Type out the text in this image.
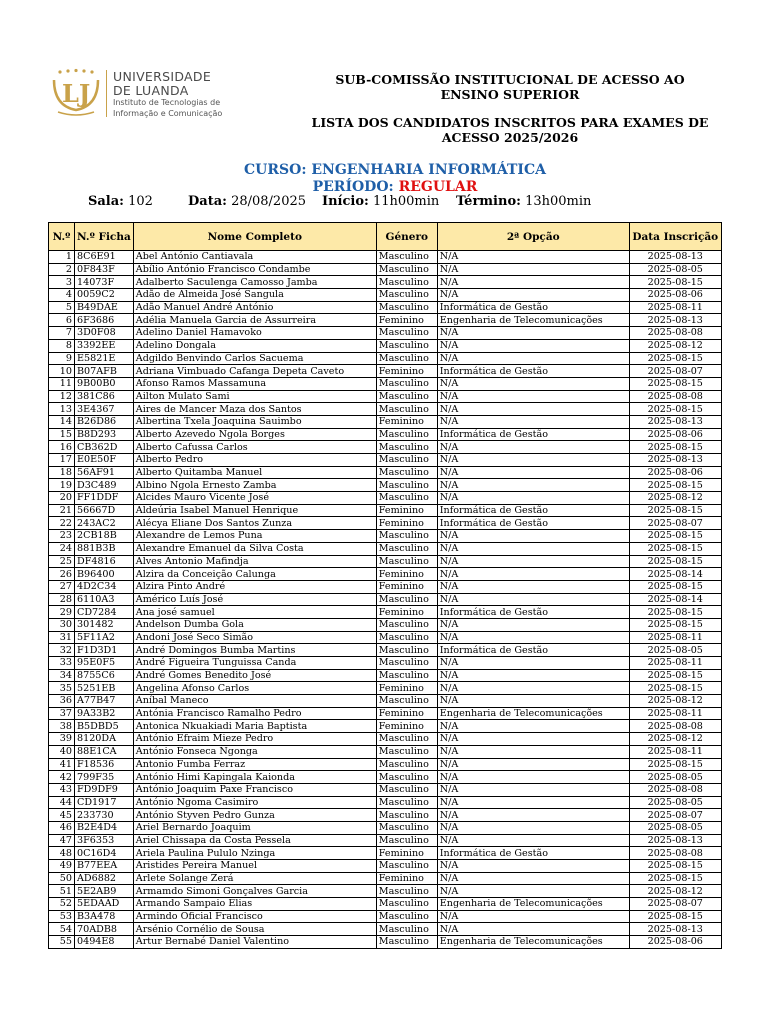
LJ
UNIVERSIDADE
DE LUANDA
Instituto de Tecnologias de
Informação e Comunicação
SUB-COMISSÃO INSTITUCIONAL DE ACESSO AO
ENSINO SUPERIOR
LISTA DOS CANDIDATOS INSCRITOS PARA EXAMES DE
ACESSO 2025/2026
CURSO: ENGENHARIA INFORMÁTICA
PERÍODO: REGULAR
Sala: 102	Data: 28/08/2025 Início: 11h00min Término: 13h00min
N.º	N.º Ficha	Nome Completo	Género	2ª Opção	Data Inscrição
1	8C6E91	Abel António Cantiavala	Masculino	N/A	2025-08-13
2	0F843F	Abílio António Francisco Condambe	Masculino	N/A	2025-08-05
3	14073F	Adalberto Saculenga Camosso Jamba	Masculino	N/A	2025-08-15
4	0059C2	Adão de Almeida José Sangula	Masculino	N/A	2025-08-06
5	B49DAE	Adão Manuel André António	Masculino	Informática de Gestão	2025-08-11
6	6F3686	Adélia Manuela Garcia de Assurreira	Feminino	Engenharia de Telecomunicações	2025-08-13
7	3D0F08	Adelino Daniel Hamavoko	Masculino	N/A	2025-08-08
8	3392EE	Adelino Dongala	Masculino	N/A	2025-08-12
9	E5821E	Adgildo Benvindo Carlos Sacuema	Masculino	N/A	2025-08-15
10	B07AFB	Adriana Vimbuado Cafanga Depeta Caveto	Feminino	Informática de Gestão	2025-08-07
11	9B00B0	Afonso Ramos Massamuna	Masculino	N/A	2025-08-15
12	381C86	Ailton Mulato Sami	Masculino	N/A	2025-08-08
13	3E4367	Aires de Mancer Maza dos Santos	Masculino	N/A	2025-08-15
14	B26D86	Albertina Txela Joaquina Sauimbo	Feminino	N/A	2025-08-13
15	B8D293	Alberto Azevedo Ngola Borges	Masculino	Informática de Gestão	2025-08-06
16	CB362D	Alberto Cafussa Carlos	Masculino	N/A	2025-08-15
17	E0E50F	Alberto Pedro	Masculino	N/A	2025-08-13
18	56AF91	Alberto Quitamba Manuel	Masculino	N/A	2025-08-06
19	D3C489	Albino Ngola Ernesto Zamba	Masculino	N/A	2025-08-15
20	FF1DDF	Alcides Mauro Vicente José	Masculino	N/A	2025-08-12
21	56667D	Aldeúria Isabel Manuel Henrique	Feminino	Informática de Gestão	2025-08-15
22	243AC2	Alécya Eliane Dos Santos Zunza	Feminino	Informática de Gestão	2025-08-07
23	2CB18B	Alexandre de Lemos Puna	Masculino	N/A	2025-08-15
24	881B3B	Alexandre Emanuel da Silva Costa	Masculino	N/A	2025-08-15
25	DF4816	Alves Antonio Mafindja	Masculino	N/A	2025-08-15
26	B96400	Alzira da Conceição Calunga	Feminino	N/A	2025-08-14
27	4D2C34	Alzira Pinto André	Feminino	N/A	2025-08-15
28	6110A3	Américo Luís José	Masculino	N/A	2025-08-14
29	CD7284	Ana josé samuel	Feminino	Informática de Gestão	2025-08-15
30	301482	Andelson Dumba Gola	Masculino	N/A	2025-08-15
31	5F11A2	Andoni José Seco Simão	Masculino	N/A	2025-08-11
32	F1D3D1	André Domingos Bumba Martins	Masculino	Informática de Gestão	2025-08-05
33	95E0F5	André Figueira Tunguissa Canda	Masculino	N/A	2025-08-11
34	8755C6	André Gomes Benedito José	Masculino	N/A	2025-08-15
35	5251EB	Angelina Afonso Carlos	Feminino	N/A	2025-08-15
36	A77B47	Aníbal Maneco	Masculino	N/A	2025-08-12
37	9A33B2	Antónia Francisco Ramalho Pedro	Feminino	Engenharia de Telecomunicações	2025-08-11
38	B5DBD5	Antonica Nkuakiadi Maria Baptista	Feminino	N/A	2025-08-08
39	8120DA	António Efraim Mieze Pedro	Masculino	N/A	2025-08-12
40	88E1CA	António Fonseca Ngonga	Masculino	N/A	2025-08-11
41	F18536	Antonio Fumba Ferraz	Masculino	N/A	2025-08-15
42	799F35	António Himi Kapingala Kaionda	Masculino	N/A	2025-08-05
43	FD9DF9	António Joaquim Paxe Francisco	Masculino	N/A	2025-08-08
44	CD1917	António Ngoma Casimiro	Masculino	N/A	2025-08-05
45	233730	António Styven Pedro Gunza	Masculino	N/A	2025-08-07
46	B2E4D4	Ariel Bernardo Joaquim	Masculino	N/A	2025-08-05
47	3F6353	Ariel Chissapa da Costa Pessela	Masculino	N/A	2025-08-13
48	0C16D4	Ariela Paulina Pululo Nzinga	Feminino	Informática de Gestão	2025-08-08
49	B77EEA	Aristides Pereira Manuel	Masculino	N/A	2025-08-15
50	AD6882	Arlete Solange Zerá	Feminino	N/A	2025-08-15
51	5E2AB9	Armamdo Simoni Gonçalves Garcia	Masculino	N/A	2025-08-12
52	5EDAAD	Armando Sampaio Elias	Masculino	Engenharia de Telecomunicações	2025-08-07
53	B3A478	Armindo Oficial Francisco	Masculino	N/A	2025-08-15
54	70ADB8	Arsénio Cornélio de Sousa	Masculino	N/A	2025-08-13
55	0494E8	Artur Bernabé Daniel Valentino	Masculino	Engenharia de Telecomunicações	2025-08-06
